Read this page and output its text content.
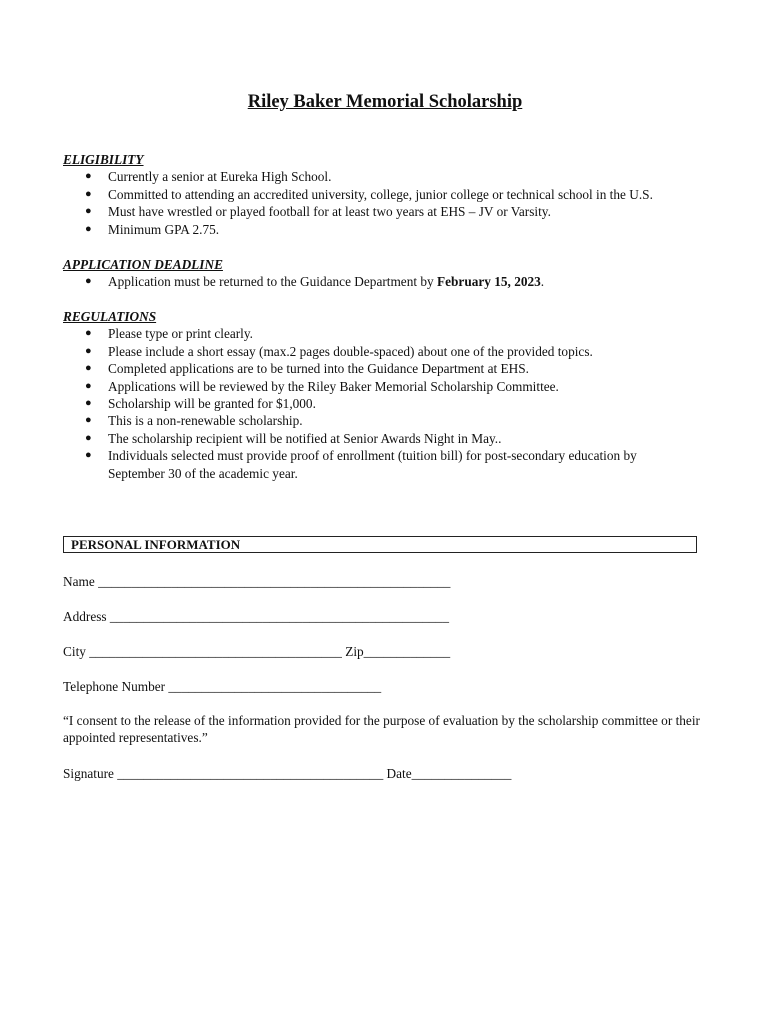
Riley Baker Memorial Scholarship
ELIGIBILITY
● Currently a senior at Eureka High School.
● Committed to attending an accredited university, college, junior college or technical school in the U.S.
● Must have wrestled or played football for at least two years at EHS – JV or Varsity.
● Minimum GPA 2.75.
APPLICATION DEADLINE
● Application must be returned to the Guidance Department by February 15, 2023.
REGULATIONS
● Please type or print clearly.
● Please include a short essay (max.2 pages double-spaced) about one of the provided topics.
● Completed applications are to be turned into the Guidance Department at EHS.
● Applications will be reviewed by the Riley Baker Memorial Scholarship Committee.
● Scholarship will be granted for $1,000.
● This is a non-renewable scholarship.
● The scholarship recipient will be notified at Senior Awards Night in May..
● Individuals selected must provide proof of enrollment (tuition bill) for post-secondary education by September 30 of the academic year.
PERSONAL INFORMATION
Name _____________________________________________________
Address ___________________________________________________
City ______________________________________ Zip_____________
Telephone Number ________________________________
“I consent to the release of the information provided for the purpose of evaluation by the scholarship committee or their appointed representatives.”
Signature ________________________________________ Date_______________
